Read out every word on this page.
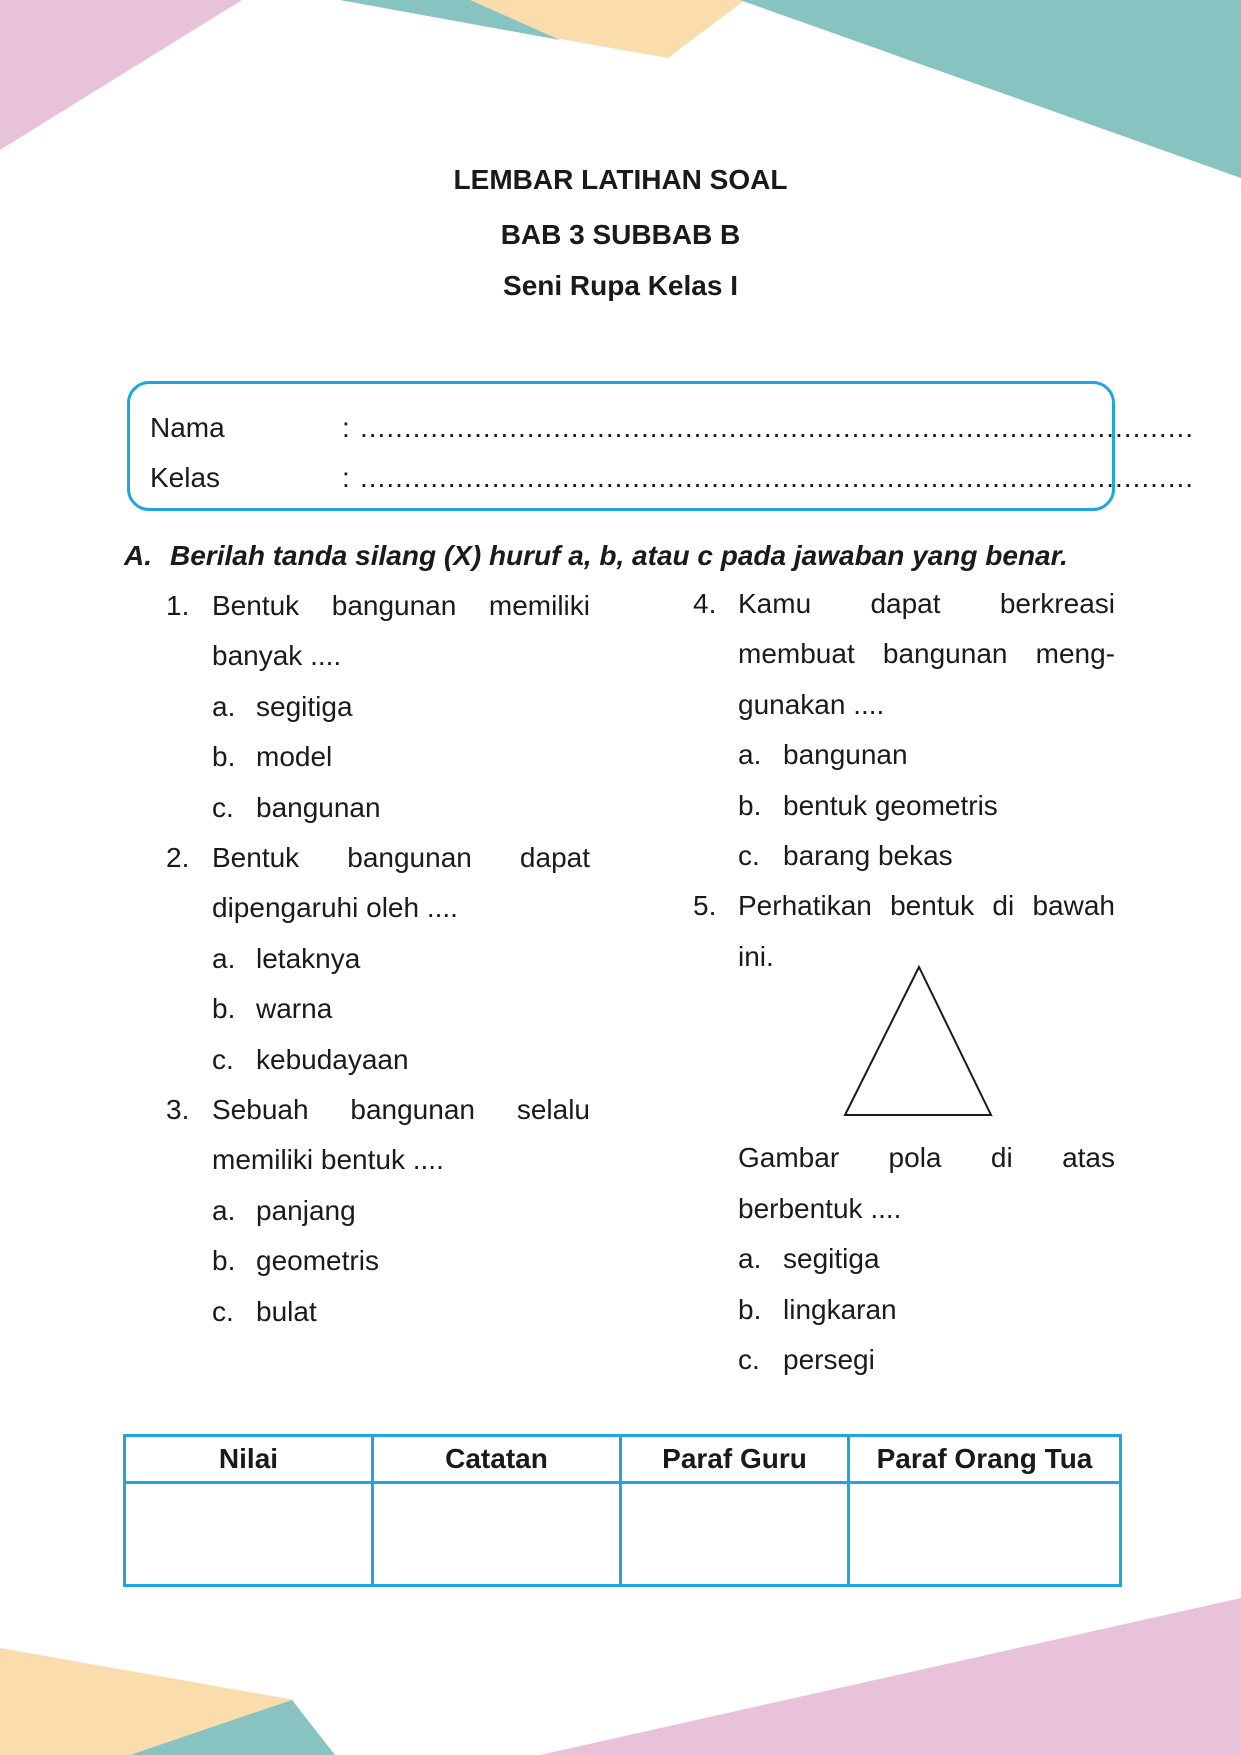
LEMBAR LATIHAN SOAL
BAB 3 SUBBAB B
Seni Rupa Kelas I
Nama	: ...............................................................................................
Kelas	: ...............................................................................................
A. Berilah tanda silang (X) huruf a, b, atau c pada jawaban yang benar.
1. Bentuk bangunan memiliki
banyak ....
a. segitiga
b. model
c. bangunan
2. Bentuk bangunan dapat
dipengaruhi oleh ....
a. letaknya
b. warna
c. kebudayaan
3. Sebuah bangunan selalu
memiliki bentuk ....
a. panjang
b. geometris
c. bulat
4. Kamu dapat berkreasi
membuat bangunan meng-
gunakan ....
a. bangunan
b. bentuk geometris
c. barang bekas
5. Perhatikan bentuk di bawah
ini.
Gambar pola di atas
berbentuk ....
a. segitiga
b. lingkaran
c. persegi
Nilai	Catatan	Paraf Guru	Paraf Orang Tua
